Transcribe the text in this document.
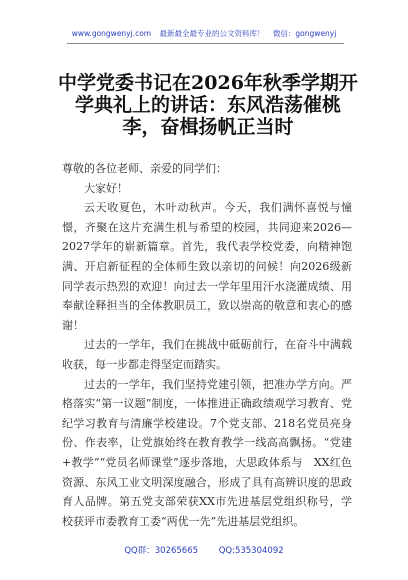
www.gongwenyj.com 最新最全最专业的公文资料库！ 微信：gongwenyj
中学党委书记在2026年秋季学期开学典礼上的讲话：东风浩荡催桃李，奋楫扬帆正当时

尊敬的各位老师、亲爱的同学们：

大家好！

云天收夏色，木叶动秋声。今天，我们满怀喜悦与憧憬，齐聚在这片充满生机与希望的校园，共同迎来2026—2027学年的崭新篇章。首先，我代表学校党委，向精神饱满、开启新征程的全体师生致以亲切的问候！向2026级新同学表示热烈的欢迎！向过去一学年里用汗水浇灌成绩、用奉献诠释担当的全体教职员工，致以崇高的敬意和衷心的感谢！

过去的一学年，我们在挑战中砥砺前行，在奋斗中满载收获，每一步都走得坚定而踏实。

过去的一学年，我们坚持党建引领，把准办学方向。严格落实“第一议题”制度，一体推进正确政绩观学习教育、党纪学习教育与清廉学校建设。7个党支部、218名党员亮身份、作表率，让党旗始终在教育教学一线高高飘扬。“党建+教学”“党员名师课堂”逐步落地，大思政体系与　XX红色资源、东风工业文明深度融合，形成了具有高辨识度的思政育人品牌。第五党支部荣获XX市先进基层党组织称号，学校获评市委教育工委“两优一先”先进基层党组织。

QQ群：30265665 QQ:535304092
